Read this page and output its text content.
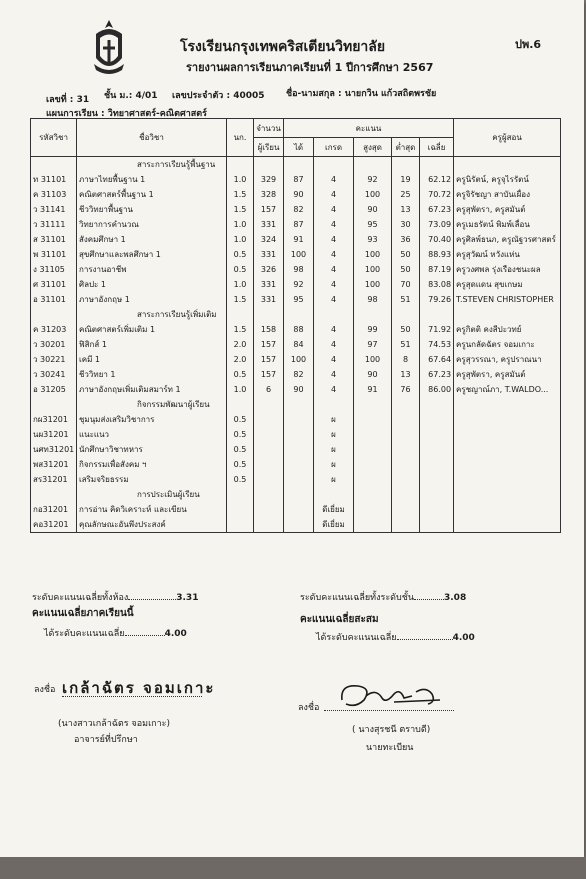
โรงเรียนกรุงเทพคริสเตียนวิทยาลัย
รายงานผลการเรียนภาคเรียนที่ 1 ปีการศึกษา 2567
ปพ.6
เลขที่ : 31 ชั้น ม.: 4/01 เลขประจำตัว : 40005 ชื่อ-นามสกุล : นายกวิน แก้วสถิตพรชัย
แผนการเรียน : วิทยาศาสตร์-คณิตศาสตร์
รหัสวิชา	ชื่อวิชา	นก.	จำนวน	คะแนน					ครูผู้สอน
			ผู้เรียน	ได้	เกรด	สูงสุด	ต่ำสุด	เฉลี่ย	
	สาระการเรียนรู้พื้นฐาน								
ท 31101	ภาษาไทยพื้นฐาน 1	1.0	329	87	4	92	19	62.12	ครูนิรัตน์, ครูจุไรรัตน์
ค 31103	คณิตศาสตร์พื้นฐาน 1	1.5	328	90	4	100	25	70.72	ครูจิรัชญา สาบันเผื่อง
ว 31141	ชีววิทยาพื้นฐาน	1.5	157	82	4	90	13	67.23	ครูสุพัตรา, ครูสมันต์
ว 31111	วิทยาการคำนวณ	1.0	331	87	4	95	30	73.09	ครูเมธรัตน์ พิมพ์เลื่อน
ส 31101	สังคมศึกษา 1	1.0	324	91	4	93	36	70.40	ครูศิลพ์ธนภ, ครูณัฐวรศาสตร์
พ 31101	สุขศึกษาและพลศึกษา 1	0.5	331	100	4	100	50	88.93	ครูสุวัฒน์ หวังแห่น
ง 31105	การงานอาชีพ	0.5	326	98	4	100	50	87.19	ครูวงศพล รุ่งเรืองชนะผล
ศ 31101	ศิลปะ 1	1.0	331	92	4	100	70	83.08	ครูสุดแดน สุขเกษม
อ 31101	ภาษาอังกฤษ 1	1.5	331	95	4	98	51	79.26	T.STEVEN CHRISTOPHER
	สาระการเรียนรู้เพิ่มเติม								
ค 31203	คณิตศาสตร์เพิ่มเติม 1	1.5	158	88	4	99	50	71.92	ครูกิตติ คงสีปะวทย์
ว 30201	ฟิสิกส์ 1	2.0	157	84	4	97	51	74.53	ครูนกลัดฉัตร จอมเกาะ
ว 30221	เคมี 1	2.0	157	100	4	100	8	67.64	ครูสุวรรณา, ครูปราณนา
ว 30241	ชีววิทยา 1	0.5	157	82	4	90	13	67.23	ครูสุพัตรา, ครูสมันต์
อ 31205	ภาษาอังกฤษเพิ่มเติมสมาร์ท 1	1.0	6	90	4	91	76	86.00	ครูชญาณ์ภา, T.WALDO...
	กิจกรรมพัฒนาผู้เรียน								
กผ31201	ชุมนุมส่งเสริมวิชาการ	0.5			ผ				
นผ31201	แนะแนว	0.5			ผ				
นศท31201	นักศึกษาวิชาทหาร	0.5			ผ				
พส31201	กิจกรรมเพื่อสังคม ฯ	0.5			ผ				
สร31201	เสริมจริยธรรม	0.5			ผ				
	การประเมินผู้เรียน								
กอ31201	การอ่าน คิดวิเคราะห์ และเขียน				ดีเยี่ยม				
คอ31201	คุณลักษณะอันพึงประสงค์				ดีเยี่ยม				
ระดับคะแนนเฉลี่ยทั้งห้อง	3.31	ระดับคะแนนเฉลี่ยทั้งระดับชั้น	3.08
คะแนนเฉลี่ยภาคเรียนนี้
ได้ระดับคะแนนเฉลี่ย	4.00
คะแนนเฉลี่ยสะสม
ได้ระดับคะแนนเฉลี่ย	4.00
ลงชื่อ เกล้าฉัตร จอมเกาะ
(นางสาวเกล้าฉัตร จอมเกาะ)
อาจารย์ที่ปรึกษา
ลงชื่อ
( นางสุรชนี ตราบดี)
นายทะเบียน
